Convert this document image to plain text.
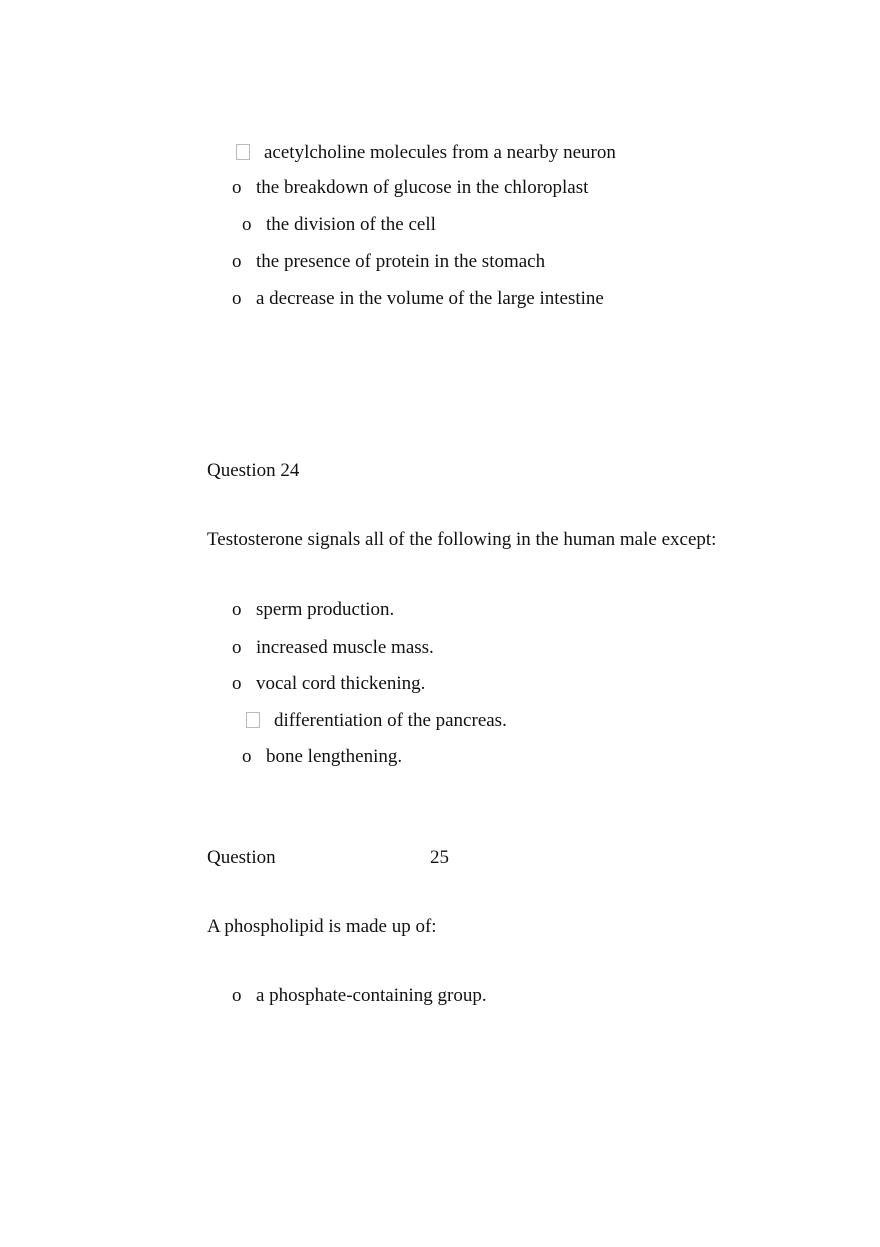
acetylcholine molecules from a nearby neuron
o the breakdown of glucose in the chloroplast
o the division of the cell
o the presence of protein in the stomach
o a decrease in the volume of the large intestine
Question 24
Testosterone signals all of the following in the human male except:
o sperm production.
o increased muscle mass.
o vocal cord thickening.
differentiation of the pancreas.
o bone lengthening.
Question	25
A phospholipid is made up of:
o a phosphate-containing group.
